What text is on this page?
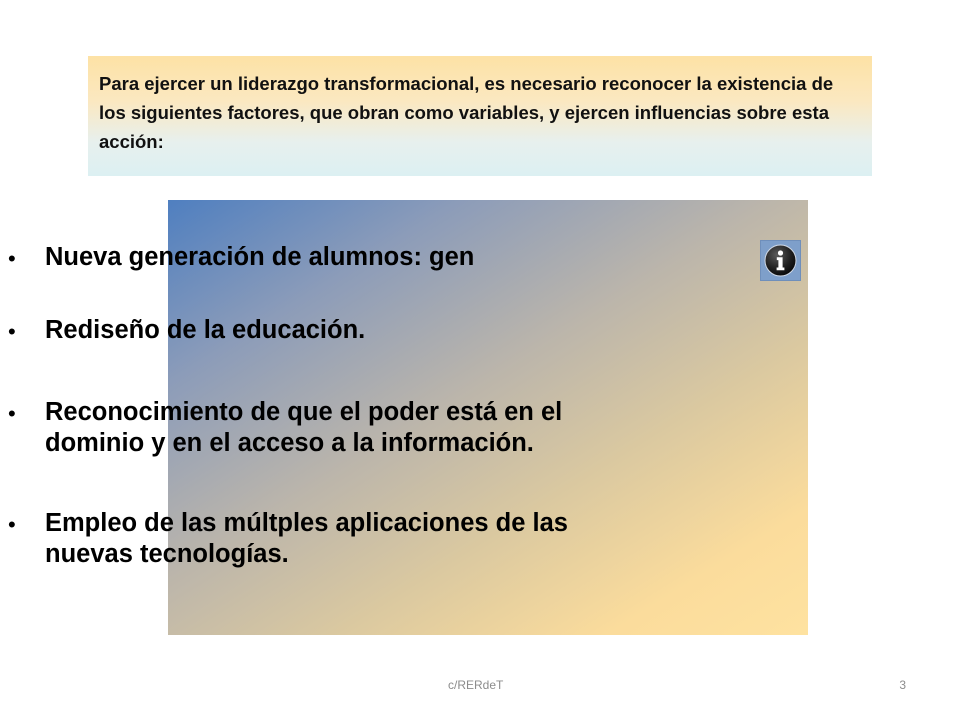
Para ejercer un liderazgo transformacional, es necesario reconocer la existencia de los siguientes factores, que obran como variables, y ejercen influencias sobre esta acción:

•	Nueva generación de alumnos: gen
•	Rediseño de la educación.
•	Reconocimiento de que el poder está en el dominio y en el acceso a la información.
•	Empleo de las múltples aplicaciones de las nuevas tecnologías.
c/RERdeT	3
